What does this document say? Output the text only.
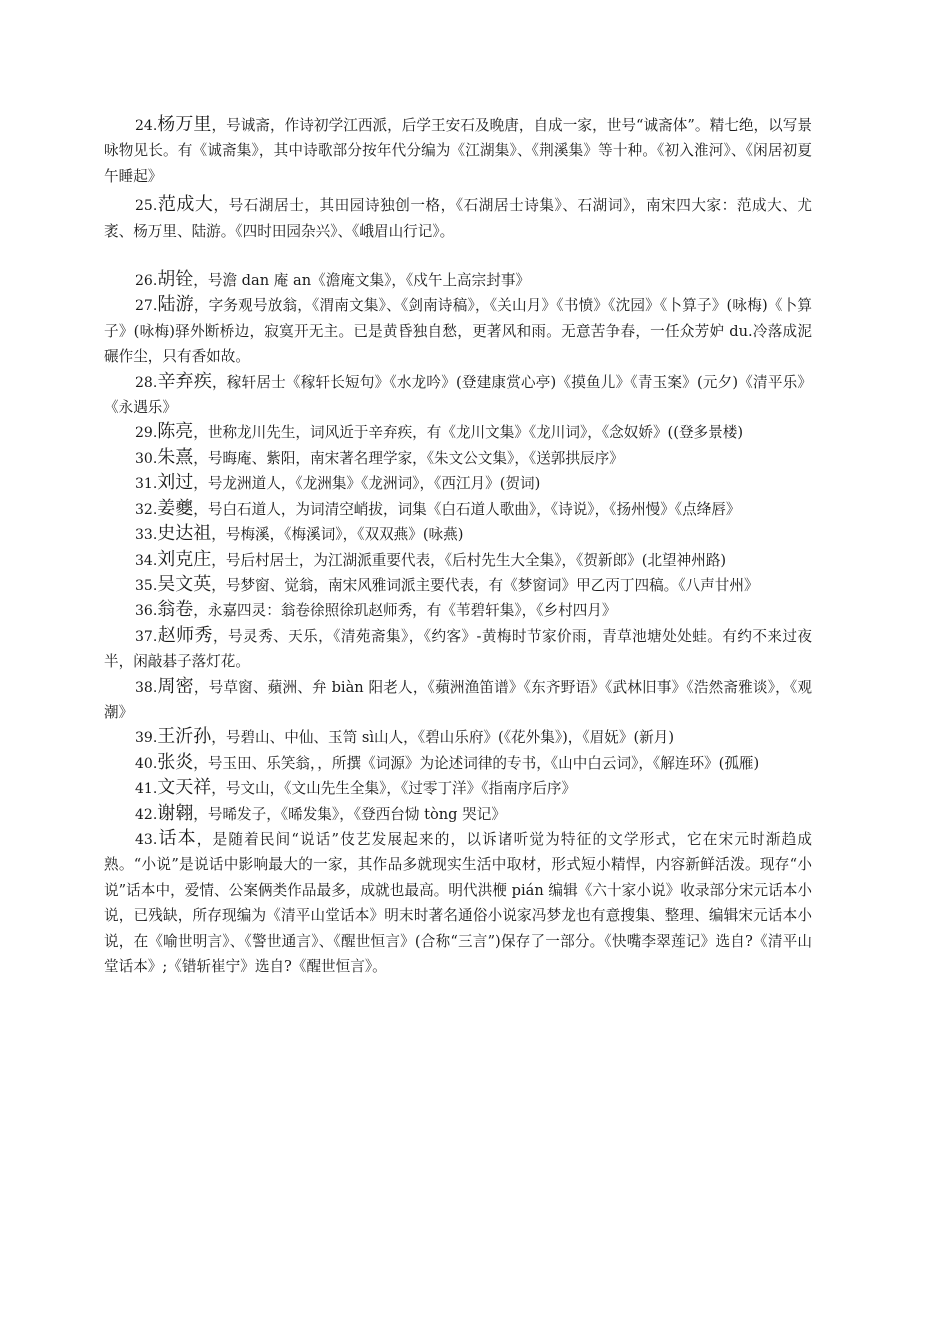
24.杨万里，号诚斋，作诗初学江西派，后学王安石及晚唐，自成一家，世号“诚斋体”。精七绝，以写景咏物见长。有《诚斋集》，其中诗歌部分按年代分编为《江湖集》、《荆溪集》等十种。《初入淮河》、《闲居初夏午睡起》

25.范成大，号石湖居士，其田园诗独创一格，《石湖居士诗集》、石湖词》，南宋四大家：范成大、尤袤、杨万里、陆游。《四时田园杂兴》、《峨眉山行记》。

26.胡铨，号澹 dan 庵 an《澹庵文集》，《戍午上高宗封事》

27.陆游，字务观号放翁，《渭南文集》、《剑南诗稿》，《关山月》《书愤》《沈园》《卜算子》(咏梅)《卜算子》(咏梅)驿外断桥边，寂寞开无主。已是黄昏独自愁，更著风和雨。无意苦争春，一任众芳妒 du.冷落成泥碾作尘，只有香如故。

28.辛弃疾，稼轩居士《稼轩长短句》《水龙吟》(登建康赏心亭)《摸鱼儿》《青玉案》(元夕)《清平乐》《永遇乐》

29.陈亮，世称龙川先生，词风近于辛弃疾，有《龙川文集》《龙川词》，《念奴娇》((登多景楼)

30.朱熹，号晦庵、紫阳，南宋著名理学家，《朱文公文集》，《送郭拱辰序》

31.刘过，号龙洲道人，《龙洲集》《龙洲词》，《西江月》(贺词)

32.姜夔，号白石道人，为词清空峭拔，词集《白石道人歌曲》，《诗说》，《扬州慢》《点绛唇》

33.史达祖，号梅溪，《梅溪词》，《双双燕》(咏燕)

34.刘克庄，号后村居士，为江湖派重要代表，《后村先生大全集》，《贺新郎》(北望神州路)

35.吴文英，号梦窗、觉翁，南宋风雅词派主要代表，有《梦窗词》甲乙丙丁四稿。《八声甘州》

36.翁卷，永嘉四灵：翁卷徐照徐玑赵师秀，有《苇碧轩集》，《乡村四月》

37.赵师秀，号灵秀、天乐，《清苑斋集》，《约客》-黄梅时节家价雨，青草池塘处处蛙。有约不来过夜半，闲敲碁子落灯花。

38.周密，号草窗、蘋洲、弁 biàn 阳老人，《蘋洲渔笛谱》《东齐野语》《武林旧事》《浩然斋雅谈》，《观潮》

39.王沂孙，号碧山、中仙、玉笥 sì山人，《碧山乐府》(《花外集》)，《眉妩》(新月)

40.张炎，号玉田、乐笑翁，，所撰《词源》为论述词律的专书，《山中白云词》，《解连环》(孤雁)

41.文天祥，号文山，《文山先生全集》，《过零丁洋》《指南序后序》

42.谢翱，号晞发子，《晞发集》，《登西台恸 tòng 哭记》

43.话本，是随着民间“说话”伎艺发展起来的，以诉诸听觉为特征的文学形式，它在宋元时渐趋成熟。“小说”是说话中影响最大的一家，其作品多就现实生活中取材，形式短小精悍，内容新鲜活泼。现存“小说”话本中，爱情、公案俩类作品最多，成就也最高。明代洪楩 pián 编辑《六十家小说》收录部分宋元话本小说，已残缺，所存现编为《清平山堂话本》明末时著名通俗小说家冯梦龙也有意搜集、整理、编辑宋元话本小说，在《喻世明言》、《警世通言》、《醒世恒言》(合称“三言”)保存了一部分。《快嘴李翠莲记》选自?《清平山堂话本》;《错斩崔宁》选自?《醒世恒言》。
